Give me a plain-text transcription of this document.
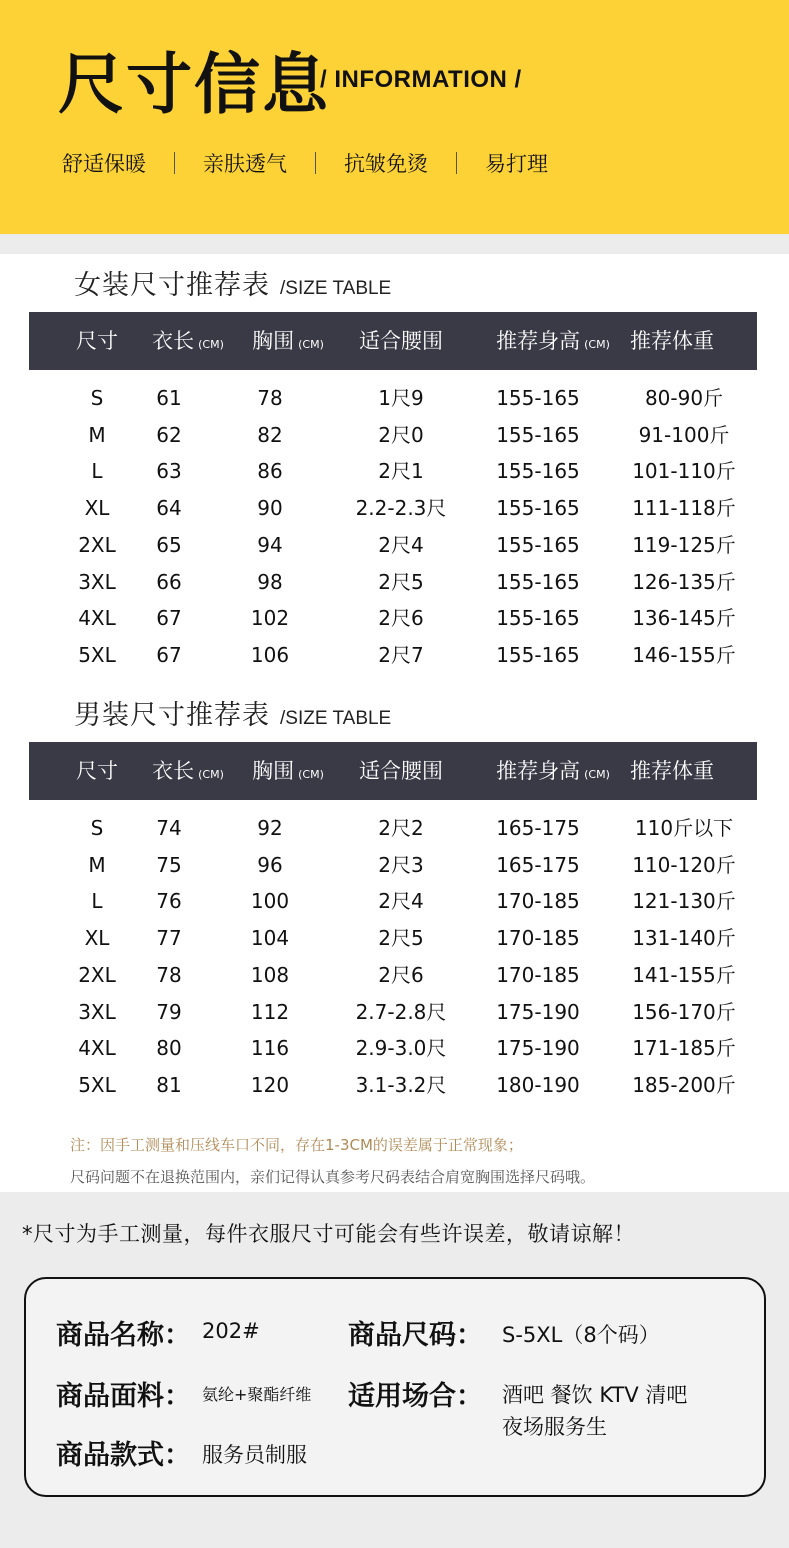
尺寸信息
/ INFORMATION /
舒适保暖	亲肤透气	抗皱免烫	易打理
女装尺寸推荐表 /SIZE TABLE
尺寸 衣长 (CM) 胸围 (CM) 适合腰围	推荐身高 (CM) 推荐体重
S	61	78	1尺9	155-165	80-90斤
M	62	82	2尺0	155-165	91-100斤
L	63	86	2尺1	155-165	101-110斤
XL 64	90	2.2-2.3尺 155-165	111-118斤
2XL 65	94	2尺4	155-165	119-125斤
3XL 66	98	2尺5	155-165	126-135斤
4XL 67	102	2尺6	155-165	136-145斤
5XL 67	106	2尺7	155-165	146-155斤
男装尺寸推荐表 /SIZE TABLE
尺寸 衣长 (CM) 胸围 (CM) 适合腰围	推荐身高 (CM) 推荐体重
S	74	92	2尺2	165-175	110斤以下
M	75	96	2尺3	165-175	110-120斤
L	76	100	2尺4	170-185	121-130斤
XL 77	104	2尺5	170-185	131-140斤
2XL 78	108	2尺6	170-185	141-155斤
3XL 79	112	2.7-2.8尺 175-190	156-170斤
4XL 80	116	2.9-3.0尺 175-190	171-185斤
5XL 81	120	3.1-3.2尺 180-190	185-200斤
注：因手工测量和压线车口不同，存在1-3CM的误差属于正常现象；
尺码问题不在退换范围内，亲们记得认真参考尺码表结合肩宽胸围选择尺码哦。
*尺寸为手工测量，每件衣服尺寸可能会有些许误差，敬请谅解！
商品名称： 202#	商品尺码： S-5XL（8个码）
商品面料： 氨纶+聚酯纤维 适用场合： 酒吧 餐饮 KTV 清吧
夜场服务生
商品款式： 服务员制服
